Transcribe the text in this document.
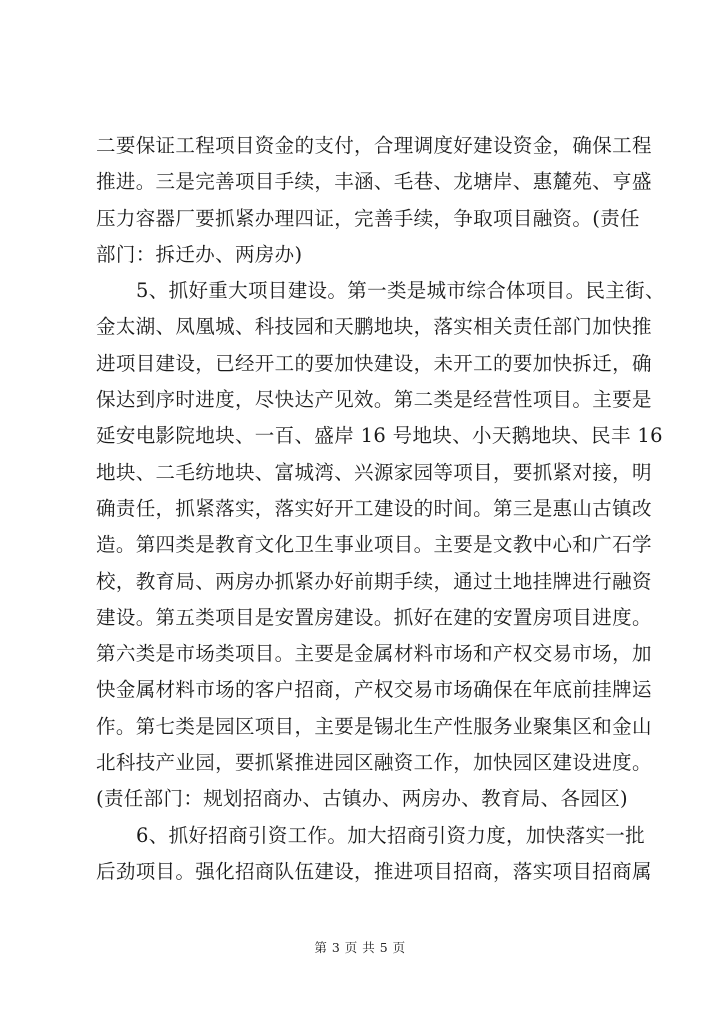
二要保证工程项目资金的支付，合理调度好建设资金，确保工程
推进。三是完善项目手续，丰涵、毛巷、龙塘岸、惠麓苑、亨盛
压力容器厂要抓紧办理四证，完善手续，争取项目融资。(责任
部门：拆迁办、两房办)
5、抓好重大项目建设。第一类是城市综合体项目。民主街、
金太湖、凤凰城、科技园和天鹏地块，落实相关责任部门加快推
进项目建设，已经开工的要加快建设，未开工的要加快拆迁，确
保达到序时进度，尽快达产见效。第二类是经营性项目。主要是
延安电影院地块、一百、盛岸 16 号地块、小天鹅地块、民丰 16
地块、二毛纺地块、富城湾、兴源家园等项目，要抓紧对接，明
确责任，抓紧落实，落实好开工建设的时间。第三是惠山古镇改
造。第四类是教育文化卫生事业项目。主要是文教中心和广石学
校，教育局、两房办抓紧办好前期手续，通过土地挂牌进行融资
建设。第五类项目是安置房建设。抓好在建的安置房项目进度。
第六类是市场类项目。主要是金属材料市场和产权交易市场，加
快金属材料市场的客户招商，产权交易市场确保在年底前挂牌运
作。第七类是园区项目，主要是锡北生产性服务业聚集区和金山
北科技产业园，要抓紧推进园区融资工作，加快园区建设进度。
(责任部门：规划招商办、古镇办、两房办、教育局、各园区)
6、抓好招商引资工作。加大招商引资力度，加快落实一批
后劲项目。强化招商队伍建设，推进项目招商，落实项目招商属
第 3 页 共 5 页
